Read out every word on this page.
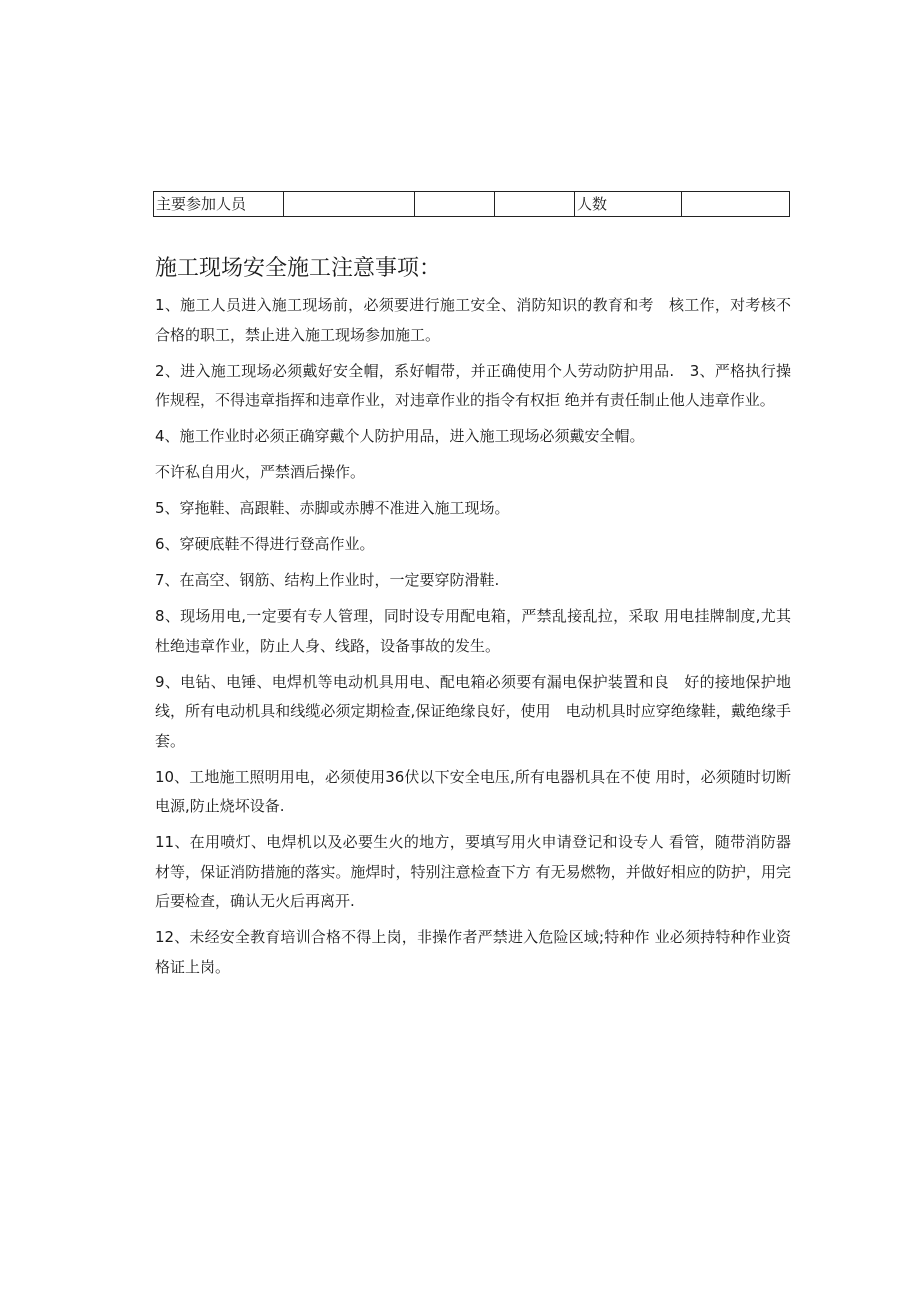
主要参加人员				人数	
施工现场安全施工注意事项：

1、施工人员进入施工现场前，必须要进行施工安全、消防知识的教育和考　核工作，对考核不合格的职工，禁止进入施工现场参加施工。

2、进入施工现场必须戴好安全帽，系好帽带，并正确使用个人劳动防护用品.　3、严格执行操作规程，不得违章指挥和违章作业，对违章作业的指令有权拒 绝并有责任制止他人违章作业。

4、施工作业时必须正确穿戴个人防护用品，进入施工现场必须戴安全帽。

不许私自用火，严禁酒后操作。

5、穿拖鞋、高跟鞋、赤脚或赤膊不准进入施工现场。

6、穿硬底鞋不得进行登高作业。

7、在高空、钢筋、结构上作业时，一定要穿防滑鞋.

8、现场用电,一定要有专人管理，同时设专用配电箱，严禁乱接乱拉，采取 用电挂牌制度,尤其杜绝违章作业，防止人身、线路，设备事故的发生。

9、电钻、电锤、电焊机等电动机具用电、配电箱必须要有漏电保护装置和良　好的接地保护地线，所有电动机具和线缆必须定期检查,保证绝缘良好，使用　电动机具时应穿绝缘鞋，戴绝缘手套。

10、工地施工照明用电，必须使用36伏以下安全电压,所有电器机具在不使 用时，必须随时切断电源,防止烧坏设备.

11、在用喷灯、电焊机以及必要生火的地方，要填写用火申请登记和设专人 看管，随带消防器材等，保证消防措施的落实。施焊时，特别注意检查下方 有无易燃物，并做好相应的防护，用完后要检查，确认无火后再离开.

12、未经安全教育培训合格不得上岗，非操作者严禁进入危险区域;特种作 业必须持特种作业资格证上岗。
